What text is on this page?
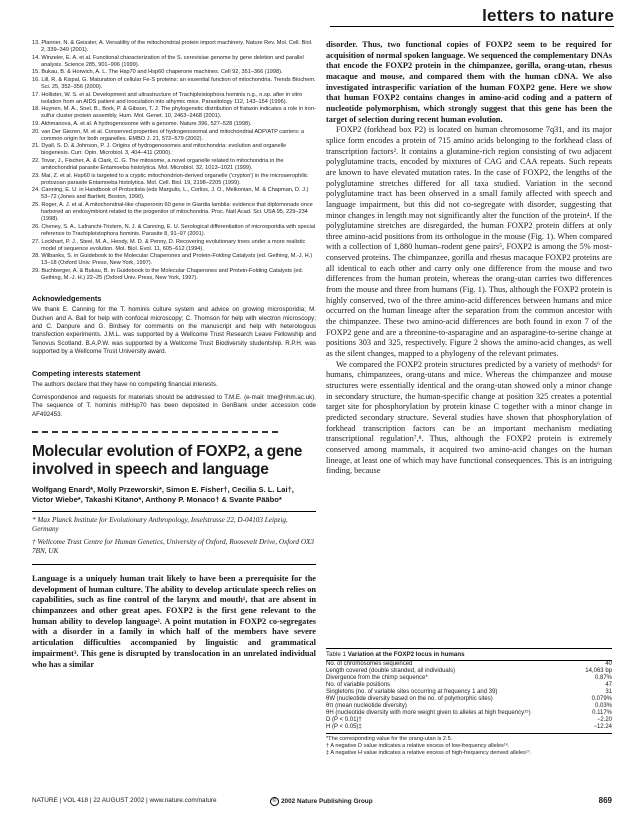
letters to nature

13. Planner, N. & Geissler, A. Versatility of the mitochondrial protein import machinery. Nature Rev. Mol. Cell. Biol. 2, 339–349 (2001).

14. Winzeler, E. A. et al. Functional characterization of the S. cerevisiae genome by gene deletion and parallel analysis. Science 285, 901–906 (1999).

15. Bukau, B. & Horwich, A. L. The Hsp70 and Hsp60 chaperone machines. Cell 92, 351–366 (1998).

16. Lill, R. & Kispal, G. Maturation of cellular Fe-S proteins: an essential function of mitochondria. Trends Biochem. Sci. 25, 352–356 (2000).

17. Hollister, W. S. et al. Development and ultrastructure of Trachipleistophora hominis n.g., n.sp. after in vitro isolation from an AIDS patient and inoculation into athymic mice. Parasitology 112, 143–154 (1996).

18. Huynen, M. A., Snel, B., Bork, P. & Gibson, T. J. The phylogenetic distribution of frataxin indicates a role in iron-sulfur cluster protein assembly. Hum. Mol. Genet. 10, 2463–2468 (2001).

19. Akhmanova, A. et al. A hydrogenosome with a genome. Nature 396, 527–528 (1998).

20. van Der Giezen, M. et al. Conserved properties of hydrogenosomal and mitochondrial ADP/ATP carriers: a common origin for both organelles. EMBO J. 21, 572–579 (2002).

21. Dyall, S. D. & Johnson, P. J. Origins of hydrogenosomes and mitochondria: evolution and organelle biogenesis. Curr. Opin. Microbiol. 3, 404–411 (2000).

22. Tovar, J., Fischer, A. & Clark, C. G. The mitosome, a novel organelle related to mitochondria in the amitochondrial parasite Entamoeba histolytica. Mol. Microbiol. 32, 1013–1021 (1999).

23. Mai, Z. et al. Hsp60 is targeted to a cryptic mitochondrion-derived organelle ('crypton') in the microaerophilic protozoan parasite Entamoeba histolytica. Mol. Cell. Biol. 19, 2198–2205 (1999).

24. Canning, E. U. in Handbook of Protoctista (eds Margulis, L., Corliss, J. O., Melkonian, M. & Chapman, D. J.) 53–72 (Jones and Bartlett, Boston, 1990).

25. Roger, A. J. et al. A mitochondrial-like chaperonin 60 gene in Giardia lamblia: evidence that diplomonads once harbored an endosymbiont related to the progenitor of mitochondria. Proc. Natl Acad. Sci. USA 95, 229–234 (1998).

26. Cheney, S. A., Lafranchi-Tristem, N. J. & Canning, E. U. Serological differentiation of microsporidia with special reference to Trachipleistophora hominis. Parasite 8, 91–97 (2001).

27. Lockhart, P. J., Steel, M. A., Hendy, M. D. & Penny, D. Recovering evolutionary trees under a more realistic model of sequence evolution. Mol. Biol. Evol. 11, 605–612 (1994).

28. Wilbanks, S. in Guidebook to the Molecular Chaperones and Protein-Folding Catalysts (ed. Gething, M.-J. H.) 13–18 (Oxford Univ. Press, New York, 1997).

29. Buchberger, A. & Bukau, B. in Guidebook to the Molecular Chaperones and Protein-Folding Catalysts (ed. Gething, M.-J. H.) 22–25 (Oxford Univ. Press, New York, 1997).

Acknowledgements

We thank E. Canning for the T. hominis culture system and advice on growing microsporidia; M. Duchen and A. Ball for help with confocal microscopy; C. Thomson for help with electron microscopy; and C. Danpure and G. Birdsey for comments on the manuscript and help with heterologous transfection experiments. J.M.L. was supported by a Wellcome Trust Research Leave Fellowship and Tenovus Scotland. B.A.P.W. was supported by a Wellcome Trust Biodiversity studentship. R.P.H. was supported by a Wellcome Trust University award.

Competing interests statement

The authors declare that they have no competing financial interests.

Correspondence and requests for materials should be addressed to T.M.E. (e-mail: tme@nhm.ac.uk). The sequence of T. hominis mitHsp70 has been deposited in GenBank under accession code AF492453.

Molecular evolution of FOXP2, a gene involved in speech and language
Wolfgang Enard*, Molly Przeworski*, Simon E. Fisher†, Cecilia S. L. Lai†, Victor Wiebe*, Takashi Kitano*, Anthony P. Monaco† & Svante Pääbo*

* Max Planck Institute for Evolutionary Anthropology, Inselstrasse 22, D-04103 Leipzig, Germany

† Wellcome Trust Centre for Human Genetics, University of Oxford, Roosevelt Drive, Oxford OX3 7BN, UK

Language is a uniquely human trait likely to have been a prerequisite for the development of human culture. The ability to develop articulate speech relies on capabilities, such as fine control of the larynx and mouth¹, that are absent in chimpanzees and other great apes. FOXP2 is the first gene relevant to the human ability to develop language². A point mutation in FOXP2 co-segregates with a disorder in a family in which half of the members have severe articulation difficulties accompanied by linguistic and grammatical impairment³. This gene is disrupted by translocation in an unrelated individual who has a similar

disorder. Thus, two functional copies of FOXP2 seem to be required for acquisition of normal spoken language. We sequenced the complementary DNAs that encode the FOXP2 protein in the chimpanzee, gorilla, orang-utan, rhesus macaque and mouse, and compared them with the human cDNA. We also investigated intraspecific variation of the human FOXP2 gene. Here we show that human FOXP2 contains changes in amino-acid coding and a pattern of nucleotide polymorphism, which strongly suggest that this gene has been the target of selection during recent human evolution.

FOXP2 (forkhead box P2) is located on human chromosome 7q31, and its major splice form encodes a protein of 715 amino acids belonging to the forkhead class of transcription factors². It contains a glutamine-rich region consisting of two adjacent polyglutamine tracts, encoded by mixtures of CAG and CAA repeats. Such repeats are known to have elevated mutation rates. In the case of FOXP2, the lengths of the polyglutamine stretches differed for all taxa studied. Variation in the second polyglutamine tract has been observed in a small family affected with speech and language impairment, but this did not co-segregate with disorder, suggesting that minor changes in length may not significantly alter the function of the protein⁴. If the polyglutamine stretches are disregarded, the human FOXP2 protein differs at only three amino-acid positions from its orthologue in the mouse (Fig. 1). When compared with a collection of 1,880 human–rodent gene pairs⁵, FOXP2 is among the 5% most-conserved proteins. The chimpanzee, gorilla and rhesus macaque FOXP2 proteins are all identical to each other and carry only one difference from the mouse and two differences from the human protein, whereas the orang-utan carries two differences from the mouse and three from humans (Fig. 1). Thus, although the FOXP2 protein is highly conserved, two of the three amino-acid differences between humans and mice occurred on the human lineage after the separation from the common ancestor with the chimpanzee. These two amino-acid differences are both found in exon 7 of the FOXP2 gene and are a threonine-to-asparagine and an asparagine-to-serine change at positions 303 and 325, respectively. Figure 2 shows the amino-acid changes, as well as the silent changes, mapped to a phylogeny of the relevant primates.

We compared the FOXP2 protein structures predicted by a variety of methods⁶ for humans, chimpanzees, orang-utans and mice. Whereas the chimpanzee and mouse structures were essentially identical and the orang-utan showed only a minor change in secondary structure, the human-specific change at position 325 creates a potential target site for phosphorylation by protein kinase C together with a minor change in predicted secondary structure. Several studies have shown that phosphorylation of forkhead transcription factors can be an important mechanism mediating transcriptional regulation⁷,⁸. Thus, although the FOXP2 protein is extremely conserved among mammals, it acquired two amino-acid changes on the human lineage, at least one of which may have functional consequences. This is an intriguing finding, because

Table 1 Variation at the FOXP2 locus in humans
No. of chromosomes sequenced	40
Length covered (double stranded, all individuals)	14,063 bp
Divergence from the chimp sequence*	0.87%
No. of variable positions	47
Singletons (no. of variable sites occurring at frequency 1 and 39)	31
θW (nucleotide diversity based on the no. of polymorphic sites)	0.079%
θπ (mean nucleotide diversity)	0.03%
θH (nucleotide diversity with more weight given to alleles at high frequency¹⁵)	0.117%
D (P < 0.01)†	−2.20
H (P < 0.05)‡	−12.24

*The corresponding value for the orang-utan is 2.5.

† A negative D value indicates a relative excess of low-frequency alleles¹⁶.

‡ A negative H value indicates a relative excess of high-frequency derived alleles¹⁷.

NATURE | VOL 418 | 22 AUGUST 2002 | www.nature.com/nature	© 2002 Nature Publishing Group	869
